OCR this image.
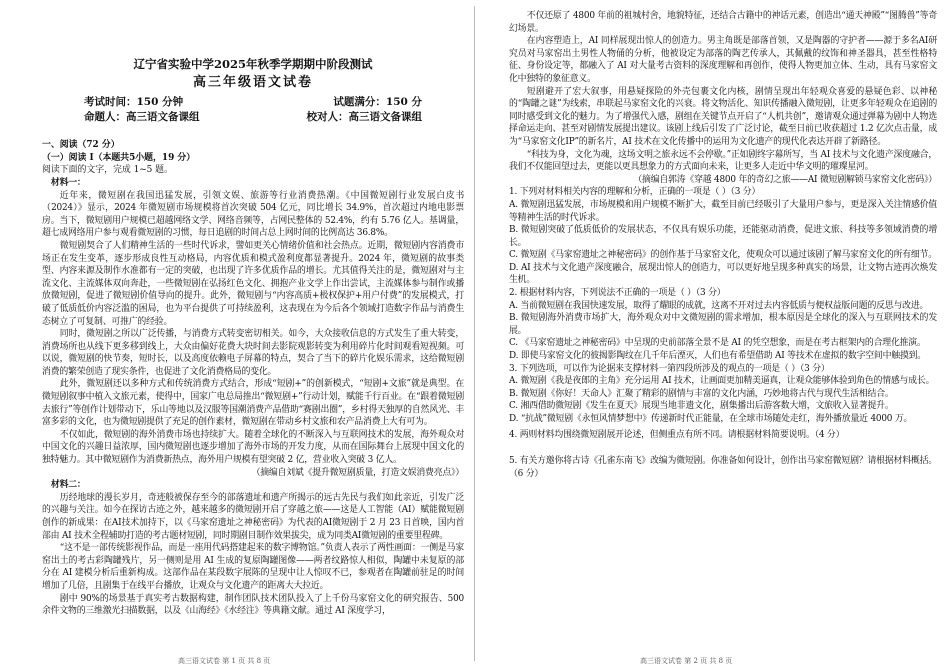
辽宁省实验中学2025年秋季学期期中阶段测试
高三年级语文试卷
考试时间：150 分钟	试题满分：150 分
命题人：高三语文备课组	校对人：高三语文备课组
一、阅读（72 分）
（一）阅读 I（本题共5小题，19 分）
阅读下面的文字，完成 1~5 题。

材料一：

近年来，微短剧在我国迅猛发展，引领文娱、旅游等行业消费热潮。《中国微短剧行业发展白皮书（2024）》显示，2024 年微短剧市场规模将首次突破 504 亿元，同比增长 34.9%，首次超过内地电影票房。当下，微短剧用户规模已超越网络文学、网络音频等，占网民整体的 52.4%，约有 5.76 亿人。基调量，超七成网络用户参与观看微短剧的习惯，每日追剧的时间占总上网时间的比例高达 36.8%。

微短剧契合了人们精神生活的一些时代诉求，譬如更关心情绪价值和社会热点。近期，微短剧内容消费市场正在发生变革，逐步形成良性互动格局，内容优质和模式盈利度都显著提升。2024 年，微短剧的故事类型、内容来源及制作水准都有一定的突破，也出现了许多优质作品的增长。尤其值得关注的是，微短剧对与主流文化、主流媒体双向奔赴，一些微短剧在弘扬红色文化、拥抱产业文学上作出尝试，主流媒体参与制作或播放微短剧，促进了微短剧价值导向的提升。此外，微短剧与“内容高质+极权保护+用户付费”的发展模式，打破了低质低价内容泛滥的困局，也为平台提供了可持续盈利，这表现在为今后各个领域打造数字作品与消费生态树立了可复制、可推广的经验。

同时，微短剧之所以广泛传播，与消费方式转变密切相关。如今，大众接收信息的方式发生了重大转变，消费场所也从线下更多移到线上，大众由偏好花费大块时间去影院观影转变为利用碎片化时间观看短视频。可以说，微短剧的快节奏，短时长，以及高度依赖电子屏幕的特点，契合了当下的碎片化娱乐需求，这给微短剧消费的繁荣创造了现实条件，也促进了文化消费格局的变化。

此外，微短剧还以多种方式和传统消费方式结合，形成“短剧+”的创新模式，“短剧+文旅”就是典型。在微短剧叙事中植入文旅元素，使得中，国家广电总局推出“微短剧+”行动计划，赋能千行百业。在“跟着微短剧去旅行”等创作计划带动下，乐山等地以及汉服等国潮消费产品借助“赛剧出圈”，乡村得天独厚的自然风光、丰富多彩的文化，也为微短剧提供了充足的创作素材，微短剧在带动乡村文旅和农产品消费上大有可为。

不仅如此，微短剧的海外消费市场也持续扩大。随着全球化的不断深入与互联网技术的发展，海外观众对中国文化的兴趣日益浓厚，国内微短剧也逐步增加了海外市场的开发力度，从而在国际舞台上展现中国文化的独特魅力。其中微短剧作为消费新热点，海外用户规模有望突破 2 亿，营业收入突破 3 亿人。

（摘编自刘斌《提升微短剧质量，打造文娱消费亮点》）

材料二：

历经地球的漫长岁月，奇迹般被保存至今的部落遗址和遗产所揭示的远古先民与我们如此亲近，引发广泛的兴趣与关注。如今在探访古迹之外，越来越多的微短剧开启了穿越之旅——这是人工智能（AI）赋能微短剧创作的新成果：在AI技术加持下，以《马家窑遗址之神秘密码》为代表的AI微短剧于 2 月 23 日首映，国内首部由 AI 技术全程辅助打造的考古题材短剧，同时期剧目制作效果拔尖，成为同类AI微短剧的重要里程碑。

“这不是一部传统影视作品，而是一座用代码搭建起来的数字博物馆。”负责人表示了两性画面：一侧是马家窑出土的考古彩陶罐残片，另一侧则是用 AI 生成的复原陶罐图像——两者纹路惊人相似，陶罐中未复原的部分在 AI 建模分析后重新构成。这部作品在某段数字展陈的呈现中让人惊叹不已，参观者在陶罐前驻足的时间增加了几倍，且剧集于在线平台播放，让观众与文化遗产的距离大大拉近。

剧中 90%的场景基于真实考古数据构建，制作团队技术团队投入了上千份马家窑文化的研究报告、500 余件文物的三维激光扫描数据，以及《山海经》《水经注》等典籍文献。通过 AI 深度学习，

不仅还原了 4800 年前的祖城村舍，地貌特征，还结合古籍中的神话元素，创造出“通天神殿”“图腾兽”等奇幻场景。

在内容塑造上，AI 同样展现出惊人的创造力。男主角既是部落首领，又是陶器的守护者——源于多名AI研究员对马家窑出土男性人物俑的分析，他被设定为部落的陶艺传承人，其佩戴的纹饰和神圣器具，甚至性格特征、身份设定等，都融入了 AI 对大量考古资料的深度理解和再创作，使得人物更加立体、生动，具有马家窑文化中独特的象征意义。

短剧避开了宏大叙事，用悬疑探险的外壳包裹文化内核，剧情呈现出年轻观众喜爱的悬疑色彩、以神秘的“陶罐之谜”为线索，串联起马家窑文化的兴衰。将文物活化、知识传播融入微短剧，让更多年轻观众在追剧的同时感受到文化的魅力。为了增强代入感，剧组在关键节点开启了“人机共创”，邀请观众通过弹幕为剧中人物选择命运走向、甚至对剧情发展提出建议。该剧上线后引发了广泛讨论，截至日前已收获超过 1.2 亿次点击量，成为“马家窑文化IP”的新名片，AI 技术在文化传播中的运用为文化遗产的现代化表达开辟了新路径。

“科技为身，文化为魂，这场文明之旅永远不会停歇。”正如剧终字幕所写，当 AI 技术与文化遗产深度融合，我们不仅能回望过去，更能以更具想象力的方式面向未来，让更多人走近中华文明的璀璨星河。

（摘编自郭涛《穿越 4800 年的奇幻之旅——AI 微短剧解锁马家窑文化密码》）

1. 下列对材料相关内容的理解和分析，正确的一项是（ ）（3 分）

A. 微短剧迅猛发展，市场规模和用户规模不断扩大，截至目前已经吸引了大量用户参与，更是深入关注情感价值等精神生活的时代诉求。

B. 微短剧突破了低质低价的发展状态，不仅具有娱乐功能，还能驱动消费，促进文旅、科技等多领域消费的增长。

C. 微短剧《马家窑遗址之神秘密码》的创作基于马家窑文化，使观众可以通过该剧了解马家窑文化的所有细节。

D. AI 技术与文化遗产深度融合，展现出惊人的创造力，可以更好地呈现多种真实的场景，让文物古迹再次焕发生机。

2. 根据材料内容，下列说法不正确的一项是（ ）（3 分）

A. 当前微短剧在我国快速发展，取得了耀眼的成就，这离不开对过去内容低质与便权益版问题的反思与改进。

B. 微短剧海外消费市场扩大，海外观众对中文微短剧的需求增加，根本原因是全球化的深入与互联网技术的发展。

C. 《马家窑遗址之神秘密码》中呈现的史前部落全景不是 AI 的凭空想象，而是在考古框架内的合理化推演。

D. 即使马家窑文化的彼揭影陶纹在几千年后湮灭，人们也有希望借助 AI 等技术在虚拟的数字空间中触摸到。

3. 下列选项，可以作为论据来支撑材料一第四段所涉及的观点的一项是（ ）（3 分）

A. 微短剧《我是夜郎的主角》充分运用 AI 技术，让画面更加精美逼真，让观众能够体验到角色的情感与成长。

B. 微短剧《你好！天命人》汇聚了精彩的剧情与丰富的文化内涵，巧妙地将古代与现代生活相结合。

C. 湘西借助微短剧《发生在夏天》展现当地非遗文化，剧集播出后游客数大增，文旅收入显著提升。

D. “抗战”微短剧《永恒风情梦想中》传递新时代正能量，在全球市场随处走红，海外播放量近 4000 万。

4. 两则材料均围绕微短剧展开论述，但侧重点有所不同。请根据材料简要说明。（4 分）

5. 有关方邀你将古诗《孔雀东南飞》改编为微短剧。你准备如何设计，创作出马家窑微短剧？请根据材料概括。（6 分）

高三语文试卷 第 1 页 共 8 页	高三语文试卷 第 2 页 共 8 页
